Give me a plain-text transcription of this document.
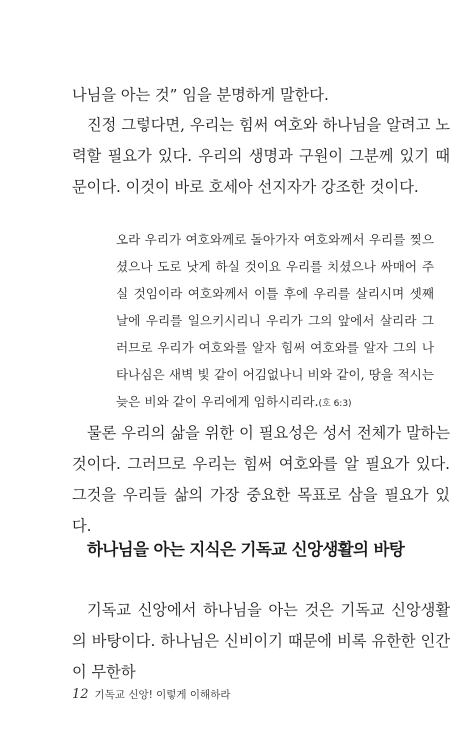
나님을 아는 것” 임을 분명하게 말한다.

진정 그렇다면, 우리는 힘써 여호와 하나님을 알려고 노력할 필요가 있다. 우리의 생명과 구원이 그분께 있기 때문이다. 이것이 바로 호세아 선지자가 강조한 것이다.

오라 우리가 여호와께로 돌아가자 여호와께서 우리를 찢으셨으나 도로 낫게 하실 것이요 우리를 치셨으나 싸매어 주실 것임이라 여호와께서 이틀 후에 우리를 살리시며 셋째 날에 우리를 일으키시리니 우리가 그의 앞에서 살리라 그러므로 우리가 여호와를 알자 힘써 여호와를 알자 그의 나타나심은 새벽 빛 같이 어김없나니 비와 같이, 땅을 적시는 늦은 비와 같이 우리에게 임하시리라.(호 6:3)

물론 우리의 삶을 위한 이 필요성은 성서 전체가 말하는 것이다. 그러므로 우리는 힘써 여호와를 알 필요가 있다. 그것을 우리들 삶의 가장 중요한 목표로 삼을 필요가 있다.

하나님을 아는 지식은 기독교 신앙생활의 바탕

기독교 신앙에서 하나님을 아는 것은 기독교 신앙생활의 바탕이다. 하나님은 신비이기 때문에 비록 유한한 인간이 무한하

12 기독교 신앙! 이렇게 이해하라
